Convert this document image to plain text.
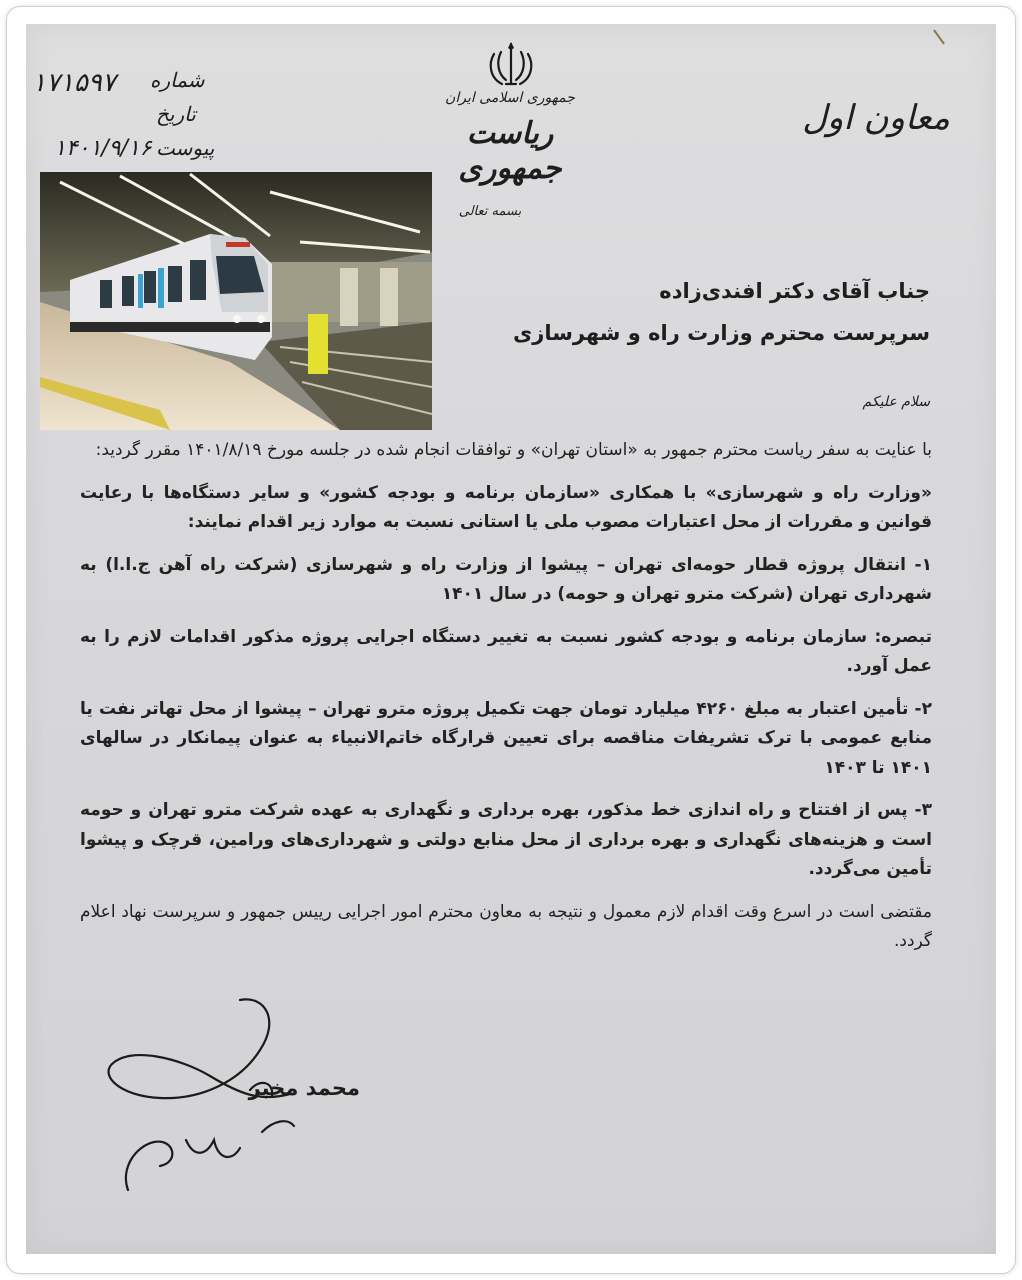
جمهوری اسلامی ایران
ریاست جمهوری
معاون اول
بسمه تعالی
شماره
۱۷۱۵۹۷
تاریخ
پیوست
۱۴۰۱/۹/۱۶
جناب آقای دکتر افندی‌زاده
سرپرست محترم وزارت راه و شهرسازی
سلام علیکم

با عنایت به سفر ریاست محترم جمهور به «استان تهران» و توافقات انجام شده در جلسه مورخ ۱۴۰۱/۸/۱۹ مقرر گردید:

«وزارت راه و شهرسازی» با همکاری «سازمان برنامه و بودجه کشور» و سایر دستگاه‌ها با رعایت قوانین و مقررات از محل اعتبارات مصوب ملی یا استانی نسبت به موارد زیر اقدام نمایند:

۱- انتقال پروژه قطار حومه‌ای تهران – پیشوا از وزارت راه و شهرسازی (شرکت راه آهن ج.ا.ا) به شهرداری تهران (شرکت مترو تهران و حومه) در سال ۱۴۰۱

تبصره: سازمان برنامه و بودجه کشور نسبت به تغییر دستگاه اجرایی پروژه مذکور اقدامات لازم را به عمل آورد.

۲- تأمین اعتبار به مبلغ ۴۲۶۰ میلیارد تومان جهت تکمیل پروژه مترو تهران – پیشوا از محل تهاتر نفت یا منابع عمومی با ترک تشریفات مناقصه برای تعیین قرارگاه خاتم‌الانبیاء به عنوان پیمانکار در سالهای ۱۴۰۱ تا ۱۴۰۳

۳- پس از افتتاح و راه اندازی خط مذکور، بهره برداری و نگهداری به عهده شرکت مترو تهران و حومه است و هزینه‌های نگهداری و بهره برداری از محل منابع دولتی و شهرداری‌های ورامین، قرچک و پیشوا تأمین می‌گردد.

مقتضی است در اسرع وقت اقدام لازم معمول و نتیجه به معاون محترم امور اجرایی رییس جمهور و سرپرست نهاد اعلام گردد.

محمد مخبر
